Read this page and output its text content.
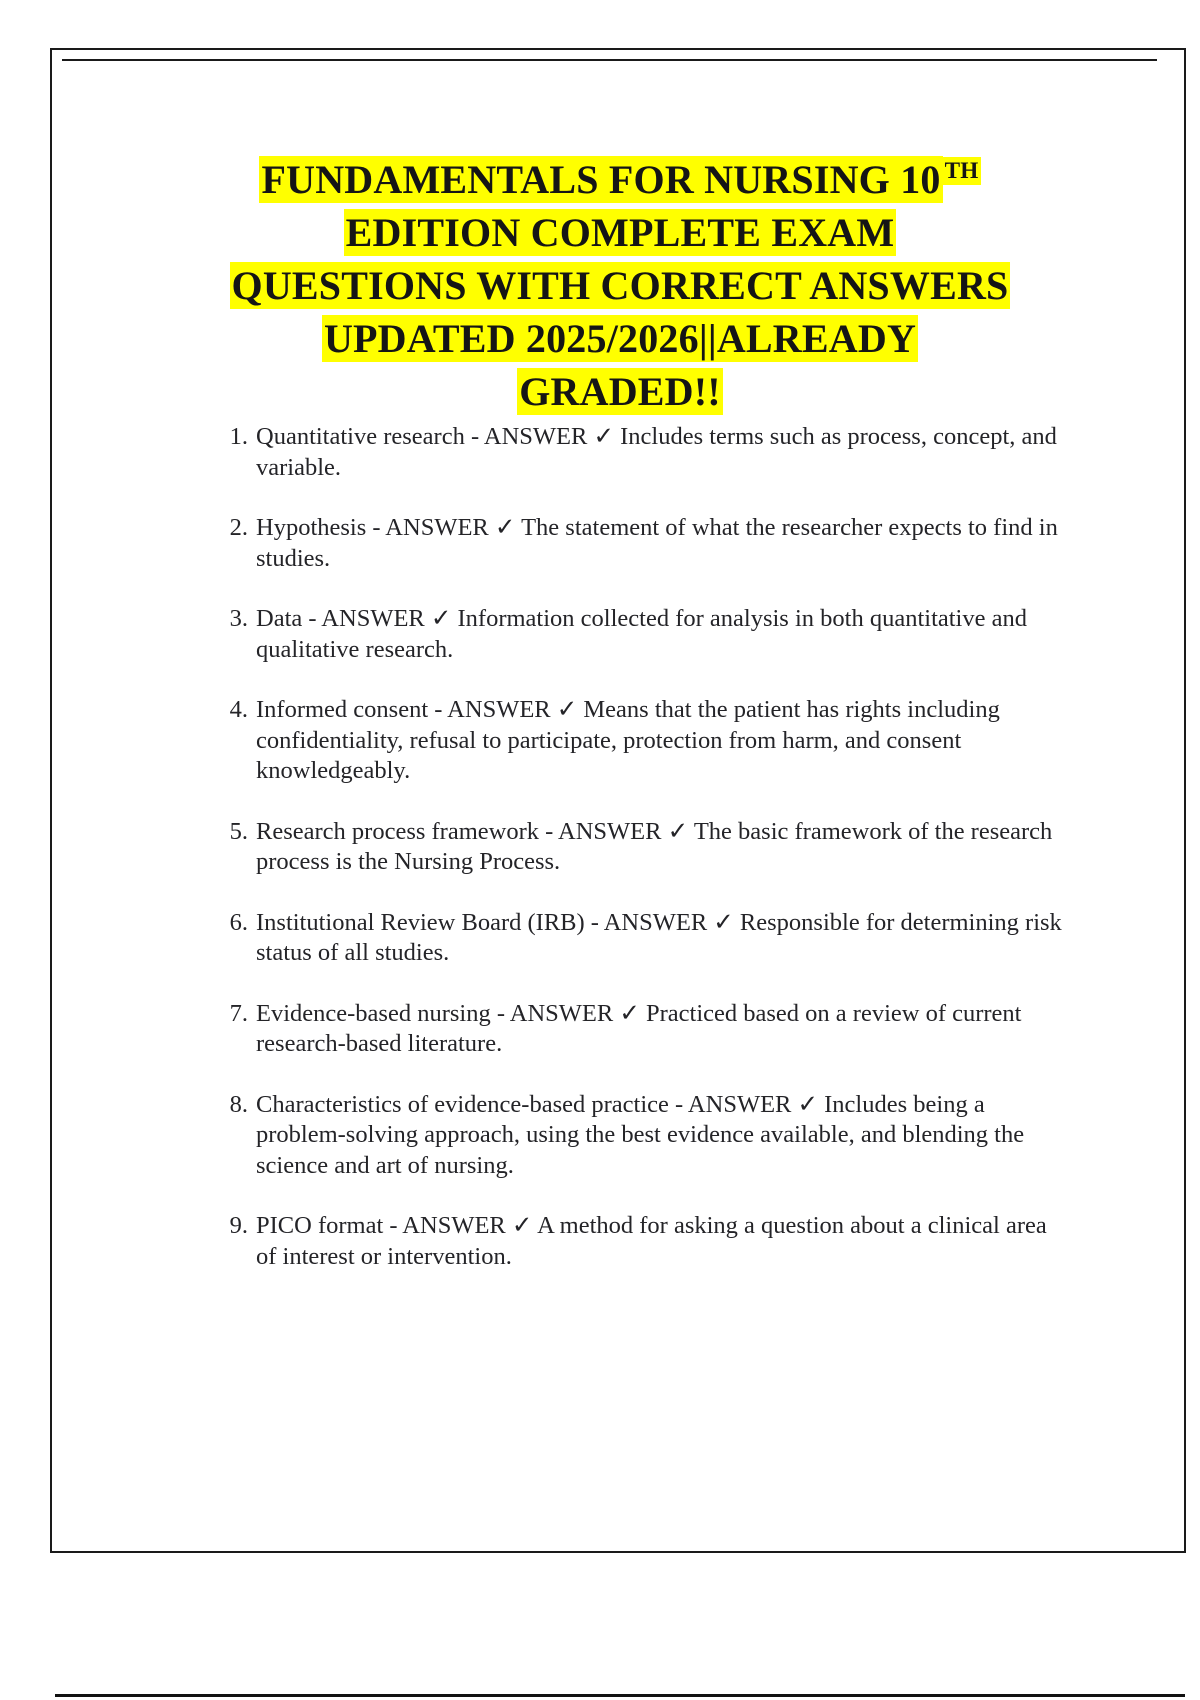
FUNDAMENTALS FOR NURSING 10 $^{TH}$
EDITION COMPLETE EXAM
QUESTIONS WITH CORRECT ANSWERS
UPDATED 2025/2026||ALREADY
GRADED!!
1. Quantitative research - ANSWER ✓ Includes terms such as process, concept, and variable.
2. Hypothesis - ANSWER ✓ The statement of what the researcher expects to find in studies.
3. Data - ANSWER ✓ Information collected for analysis in both quantitative and qualitative research.
4. Informed consent - ANSWER ✓ Means that the patient has rights including confidentiality, refusal to participate, protection from harm, and consent knowledgeably.
5. Research process framework - ANSWER ✓ The basic framework of the research process is the Nursing Process.
6. Institutional Review Board (IRB) - ANSWER ✓ Responsible for determining risk status of all studies.
7. Evidence-based nursing - ANSWER ✓ Practiced based on a review of current research-based literature.
8. Characteristics of evidence-based practice - ANSWER ✓ Includes being a problem-solving approach, using the best evidence available, and blending the science and art of nursing.
9. PICO format - ANSWER ✓ A method for asking a question about a clinical area of interest or intervention.
